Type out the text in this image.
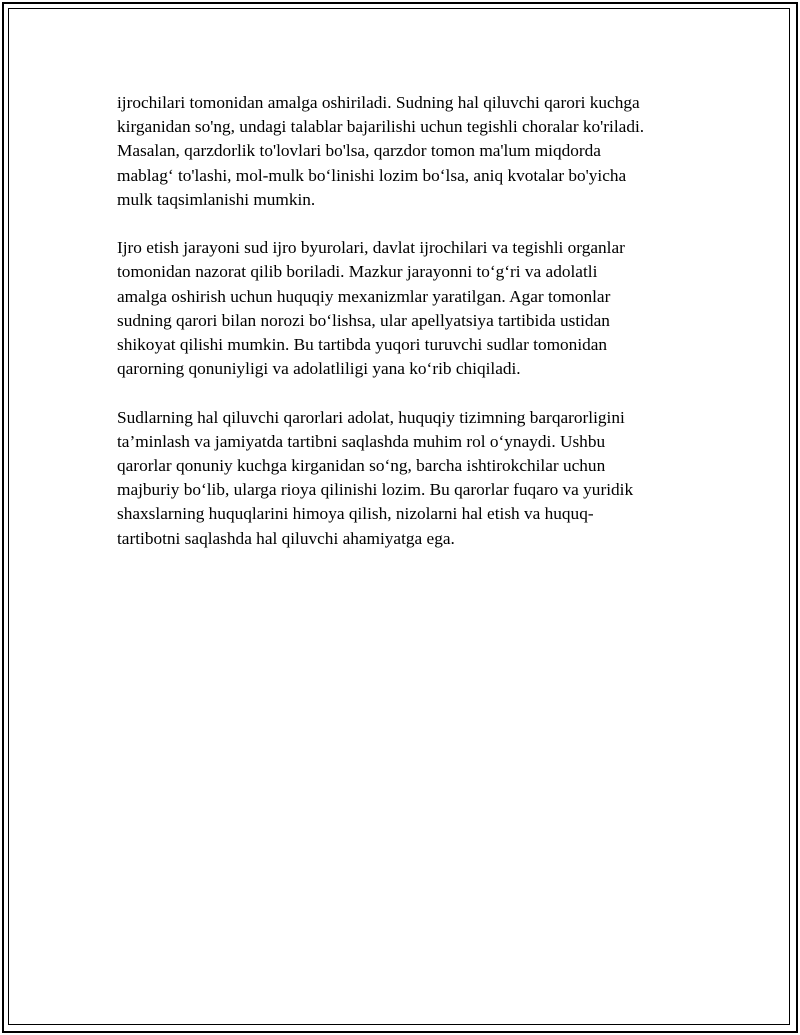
ijrochilari tomonidan amalga oshiriladi. Sudning hal qiluvchi qarori kuchga
kirganidan so'ng, undagi talablar bajarilishi uchun tegishli choralar ko'riladi.
Masalan, qarzdorlik to'lovlari bo'lsa, qarzdor tomon ma'lum miqdorda
mablag‘ to'lashi, mol-mulk bo‘linishi lozim bo‘lsa, aniq kvotalar bo'yicha
mulk taqsimlanishi mumkin.

Ijro etish jarayoni sud ijro byurolari, davlat ijrochilari va tegishli organlar
tomonidan nazorat qilib boriladi. Mazkur jarayonni to‘g‘ri va adolatli
amalga oshirish uchun huquqiy mexanizmlar yaratilgan. Agar tomonlar
sudning qarori bilan norozi bo‘lishsa, ular apellyatsiya tartibida ustidan
shikoyat qilishi mumkin. Bu tartibda yuqori turuvchi sudlar tomonidan
qarorning qonuniyligi va adolatliligi yana ko‘rib chiqiladi.

Sudlarning hal qiluvchi qarorlari adolat, huquqiy tizimning barqarorligini
ta’minlash va jamiyatda tartibni saqlashda muhim rol o‘ynaydi. Ushbu
qarorlar qonuniy kuchga kirganidan so‘ng, barcha ishtirokchilar uchun
majburiy bo‘lib, ularga rioya qilinishi lozim. Bu qarorlar fuqaro va yuridik
shaxslarning huquqlarini himoya qilish, nizolarni hal etish va huquq-
tartibotni saqlashda hal qiluvchi ahamiyatga ega.
